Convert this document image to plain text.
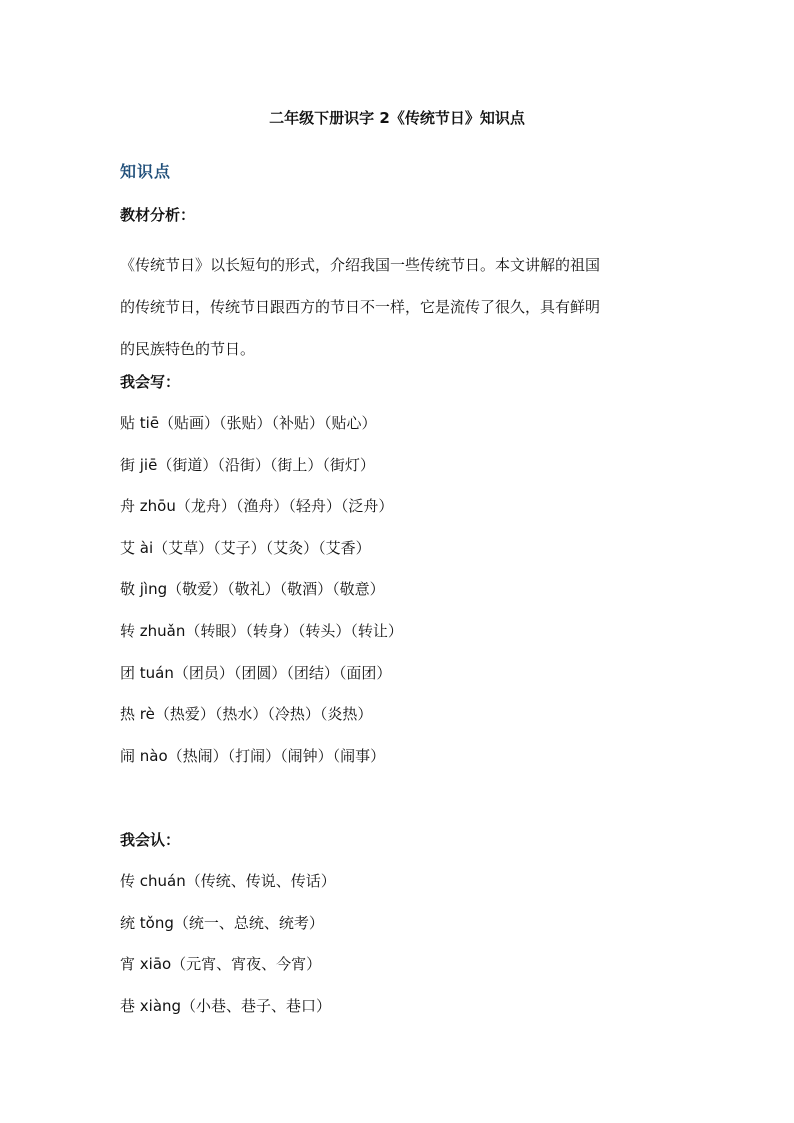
二年级下册识字 2《传统节日》知识点
知识点
教材分析：

《传统节日》以长短句的形式，介绍我国一些传统节日。本文讲解的祖国
的传统节日，传统节日跟西方的节日不一样，它是流传了很久，具有鲜明
的民族特色的节日。

我会写：
贴 tiē（贴画）（张贴）（补贴）（贴心）
街 jiē（街道）（沿街）（街上）（街灯）
舟 zhōu（龙舟）（渔舟）（轻舟）（泛舟）
艾 ài（艾草）（艾子）（艾灸）（艾香）
敬 jìng（敬爱）（敬礼）（敬酒）（敬意）
转 zhuǎn（转眼）（转身）（转头）（转让）
团 tuán（团员）（团圆）（团结）（面团）
热 rè（热爱）（热水）（冷热）（炎热）
闹 nào（热闹）（打闹）（闹钟）（闹事）
我会认：
传 chuán（传统、传说、传话）
统 tǒng（统一、总统、统考）
宵 xiāo（元宵、宵夜、今宵）
巷 xiàng（小巷、巷子、巷口）
